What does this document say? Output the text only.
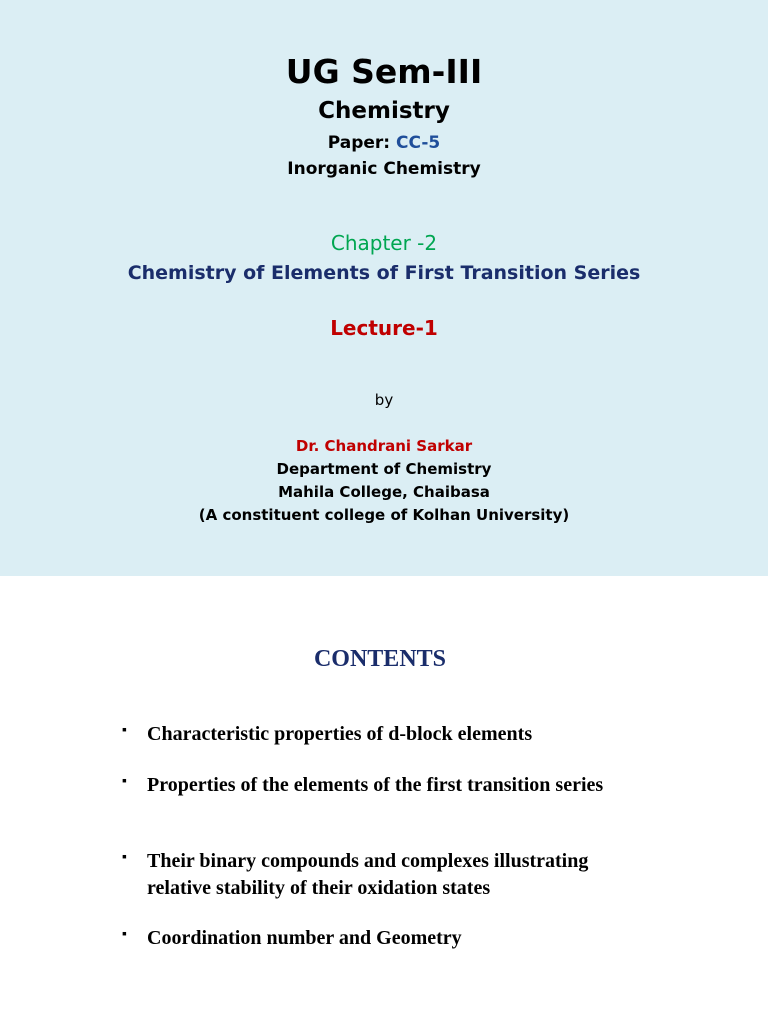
UG Sem-III
Chemistry
Paper: CC-5
Inorganic Chemistry
Chapter -2
Chemistry of Elements of First Transition Series
Lecture-1
by
Dr. Chandrani Sarkar
Department of Chemistry
Mahila College, Chaibasa
(A constituent college of Kolhan University)
CONTENTS
▪ Characteristic properties of d-block elements
▪ Properties of the elements of the first transition series
▪ Their binary compounds and complexes illustrating relative stability of their oxidation states
▪ Coordination number and Geometry
